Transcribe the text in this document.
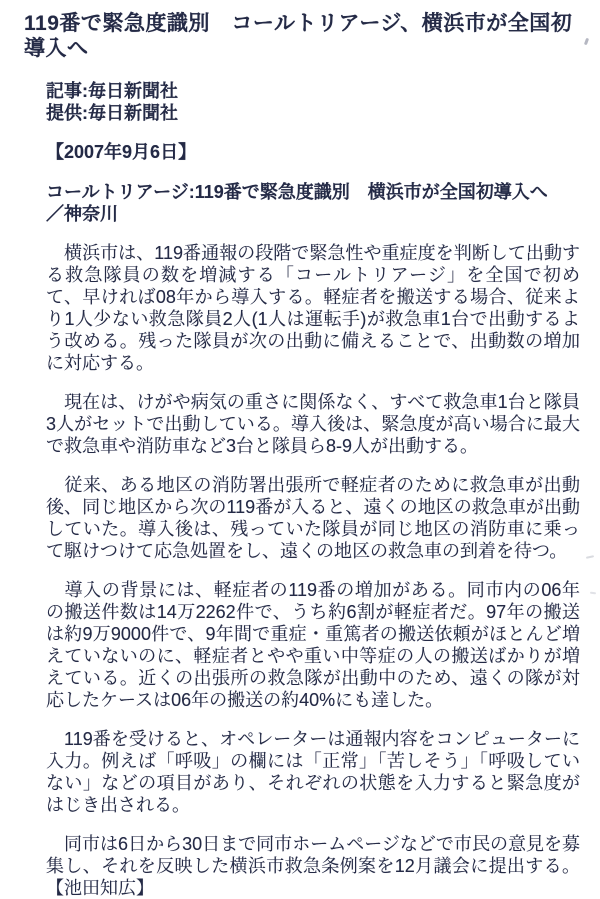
119番で緊急度識別　コールトリアージ、横浜市が全国初導入へ

記事:毎日新聞社

提供:毎日新聞社

【2007年9月6日】

コールトリアージ:119番で緊急度識別　横浜市が全国初導入へ　／神奈川

　横浜市は、119番通報の段階で緊急性や重症度を判断して出動する救急隊員の数を増減する「コールトリアージ」を全国で初めて、早ければ08年から導入する。軽症者を搬送する場合、従来より1人少ない救急隊員2人(1人は運転手)が救急車1台で出動するよう改める。残った隊員が次の出動に備えることで、出動数の増加に対応する。

　現在は、けがや病気の重さに関係なく、すべて救急車1台と隊員3人がセットで出動している。導入後は、緊急度が高い場合に最大で救急車や消防車など3台と隊員ら8-9人が出動する。

　従来、ある地区の消防署出張所で軽症者のために救急車が出動後、同じ地区から次の119番が入ると、遠くの地区の救急車が出動していた。導入後は、残っていた隊員が同じ地区の消防車に乗って駆けつけて応急処置をし、遠くの地区の救急車の到着を待つ。

　導入の背景には、軽症者の119番の増加がある。同市内の06年の搬送件数は14万2262件で、うち約6割が軽症者だ。97年の搬送は約9万9000件で、9年間で重症・重篤者の搬送依頼がほとんど増えていないのに、軽症者とやや重い中等症の人の搬送ばかりが増えている。近くの出張所の救急隊が出動中のため、遠くの隊が対応したケースは06年の搬送の約40%にも達した。

　119番を受けると、オペレーターは通報内容をコンピューターに入力。例えば「呼吸」の欄には「正常」「苦しそう」「呼吸していない」などの項目があり、それぞれの状態を入力すると緊急度がはじき出される。

　同市は6日から30日まで同市ホームページなどで市民の意見を募集し、それを反映した横浜市救急条例案を12月議会に提出する。【池田知広】
